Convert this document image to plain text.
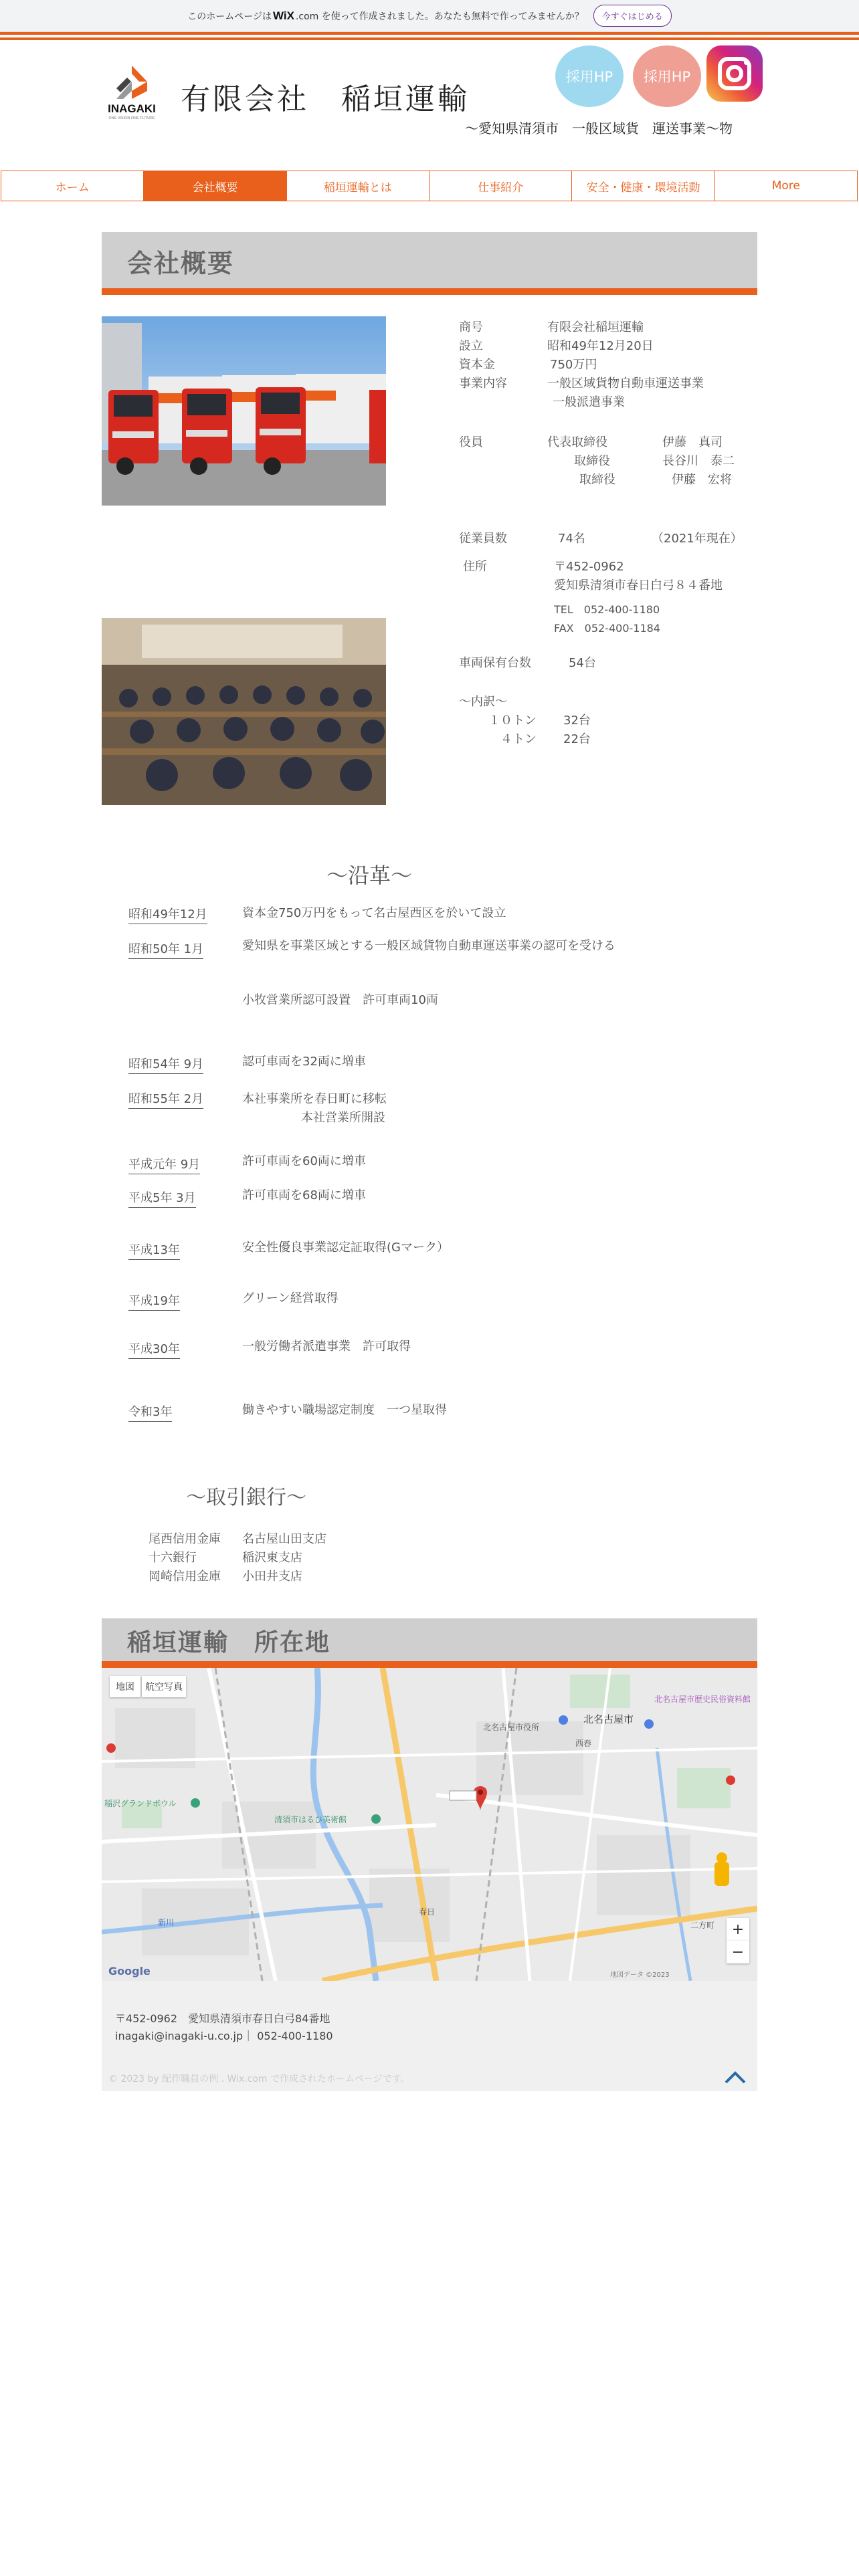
このホームページは WiX .com を使って作成されました。あなたも無料で作ってみませんか？	今すぐはじめる
INAGAKI
ONE VISION ONE FUTURE
有限会社　稲垣運輸
〜愛知県清須市　一般区域貨　運送事業〜物
採用HP	採用HP
ホーム	会社概要	稲垣運輸とは	仕事紹介	安全・健康・環境活動	More
会社概要
商号	有限会社稲垣運輸
設立	昭和49年12月20日
資本金	750万円
事業内容	一般区域貨物自動車運送事業
一般派遣事業
役員	代表取締役	伊藤　真司
取締役	長谷川　泰二
取締役	伊藤　宏将
従業員数	74名	（2021年現在）
住所	〒452-0962
愛知県清須市春日白弓８４番地
TEL　052-400-1180
FAX　052-400-1184
車両保有台数	54台
〜内訳〜
１０トン 32台
４トン 22台
〜沿革〜
昭和49年12月	資本金750万円をもって名古屋西区を於いて設立
昭和50年 1月	愛知県を事業区域とする一般区域貨物自動車運送事業の認可を受ける
小牧営業所認可設置　許可車両10両
昭和54年 9月	認可車両を32両に増車
昭和55年 2月	本社事業所を春日町に移転
本社営業所開設
平成元年 9月	許可車両を60両に増車
平成5年 3月	許可車両を68両に増車
平成13年	安全性優良事業認定証取得(Gマーク）
平成19年	グリーン経営取得
平成30年	一般労働者派遣事業　許可取得
令和3年	働きやすい職場認定制度　一つ星取得
〜取引銀行〜
尾西信用金庫 名古屋山田支店
十六銀行	稲沢東支店
岡崎信用金庫 小田井支店
稲垣運輸　所在地
地図	航空写真
北名古屋市
北名古屋市役所
北名古屋市歴史民俗資料館
西春
春日
清須市はるひ美術館
稲沢グランドボウル
新川	二方町
Google	地図データ ©2023
+
−
〒452-0962　愛知県清須市春日白弓84番地
inagaki@inagaki-u.co.jp｜ 052-400-1180
© 2023 by 配作職員の例 . Wix.com で作成されたホームページです。
